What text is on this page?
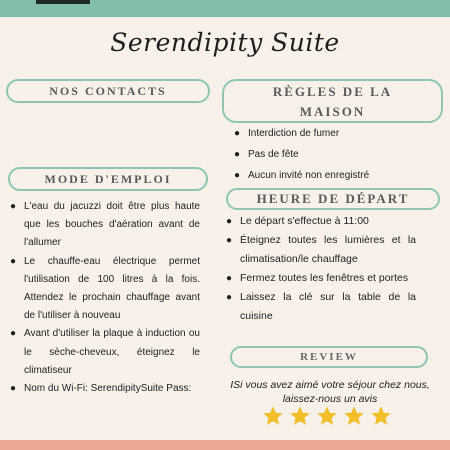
Serendipity Suite
NOS CONTACTS	RÈGLES DE LA
MAISON
● Interdiction de fumer
● Pas de fête
● Aucun invité non enregistré
MODE D'EMPLOI
● L'eau du jacuzzi doit être plus haute que les bouches d'aération avant de l'allumer
● Le chauffe-eau électrique permet l'utilisation de 100 litres à la fois. Attendez le prochain chauffage avant de l'utiliser à nouveau
● Avant d'utiliser la plaque à induction ou le sèche-cheveux, éteignez le climatiseur
● Nom du Wi-Fi: SerendipitySuite Pass:
HEURE DE DÉPART
● Le départ s'effectue à 11:00
● Éteignez toutes les lumières et la climatisation/le chauffage
● Fermez toutes les fenêtres et portes
● Laissez la clé sur la table de la cuisine
REVIEW
ISi vous avez aimé votre séjour chez nous, laissez-nous un avis
